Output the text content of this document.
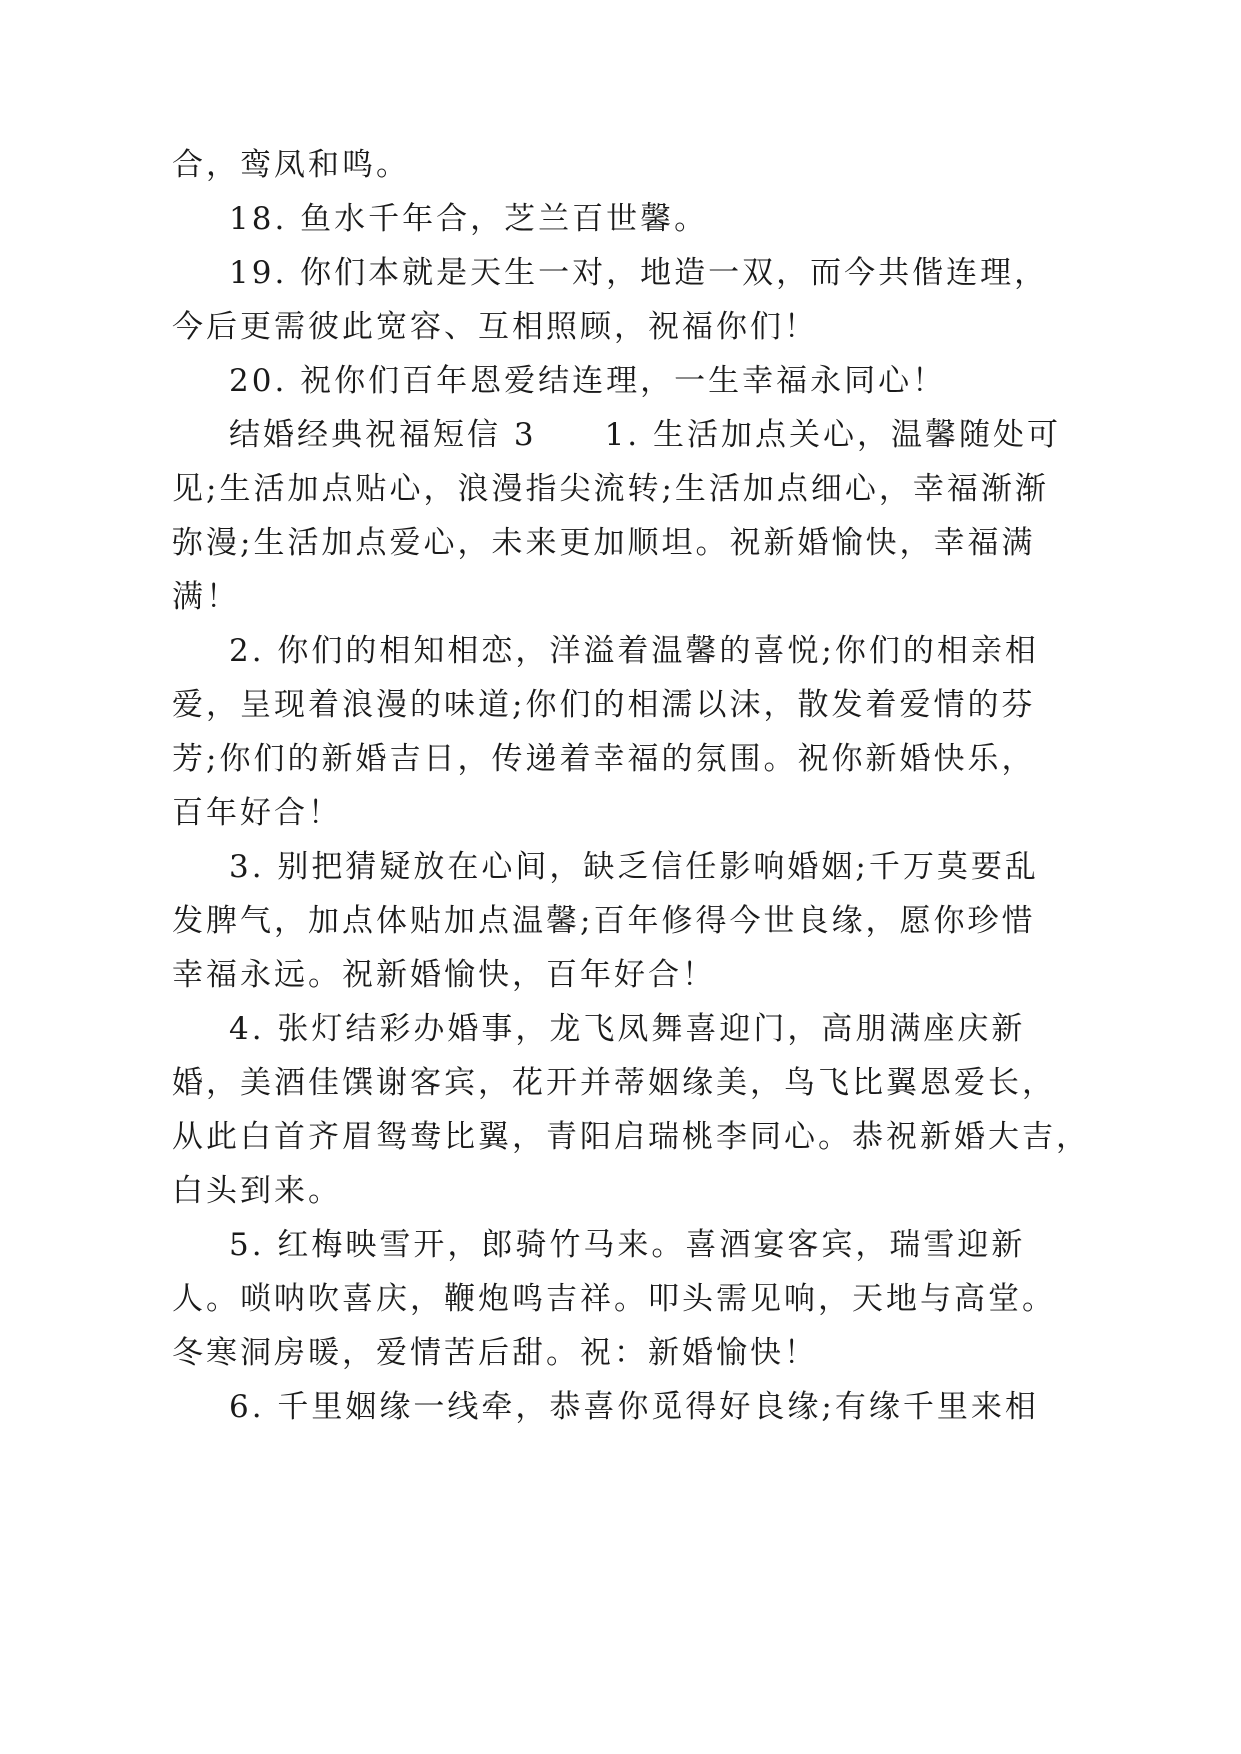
合，鸾凤和鸣。
18. 鱼水千年合，芝兰百世馨。
19. 你们本就是天生一对，地造一双，而今共偕连理，
今后更需彼此宽容、互相照顾，祝福你们！
20. 祝你们百年恩爱结连理，一生幸福永同心！
结婚经典祝福短信 3　　1. 生活加点关心，温馨随处可
见;生活加点贴心，浪漫指尖流转;生活加点细心，幸福渐渐
弥漫;生活加点爱心，未来更加顺坦。祝新婚愉快，幸福满
满！
2. 你们的相知相恋，洋溢着温馨的喜悦;你们的相亲相
爱，呈现着浪漫的味道;你们的相濡以沫，散发着爱情的芬
芳;你们的新婚吉日，传递着幸福的氛围。祝你新婚快乐，
百年好合！
3. 别把猜疑放在心间，缺乏信任影响婚姻;千万莫要乱
发脾气，加点体贴加点温馨;百年修得今世良缘，愿你珍惜
幸福永远。祝新婚愉快，百年好合！
4. 张灯结彩办婚事，龙飞凤舞喜迎门，高朋满座庆新
婚，美酒佳馔谢客宾，花开并蒂姻缘美，鸟飞比翼恩爱长，
从此白首齐眉鸳鸯比翼，青阳启瑞桃李同心。恭祝新婚大吉，
白头到来。
5. 红梅映雪开，郎骑竹马来。喜酒宴客宾，瑞雪迎新
人。唢呐吹喜庆，鞭炮鸣吉祥。叩头需见响，天地与高堂。
冬寒洞房暖，爱情苦后甜。祝：新婚愉快！
6. 千里姻缘一线牵，恭喜你觅得好良缘;有缘千里来相
